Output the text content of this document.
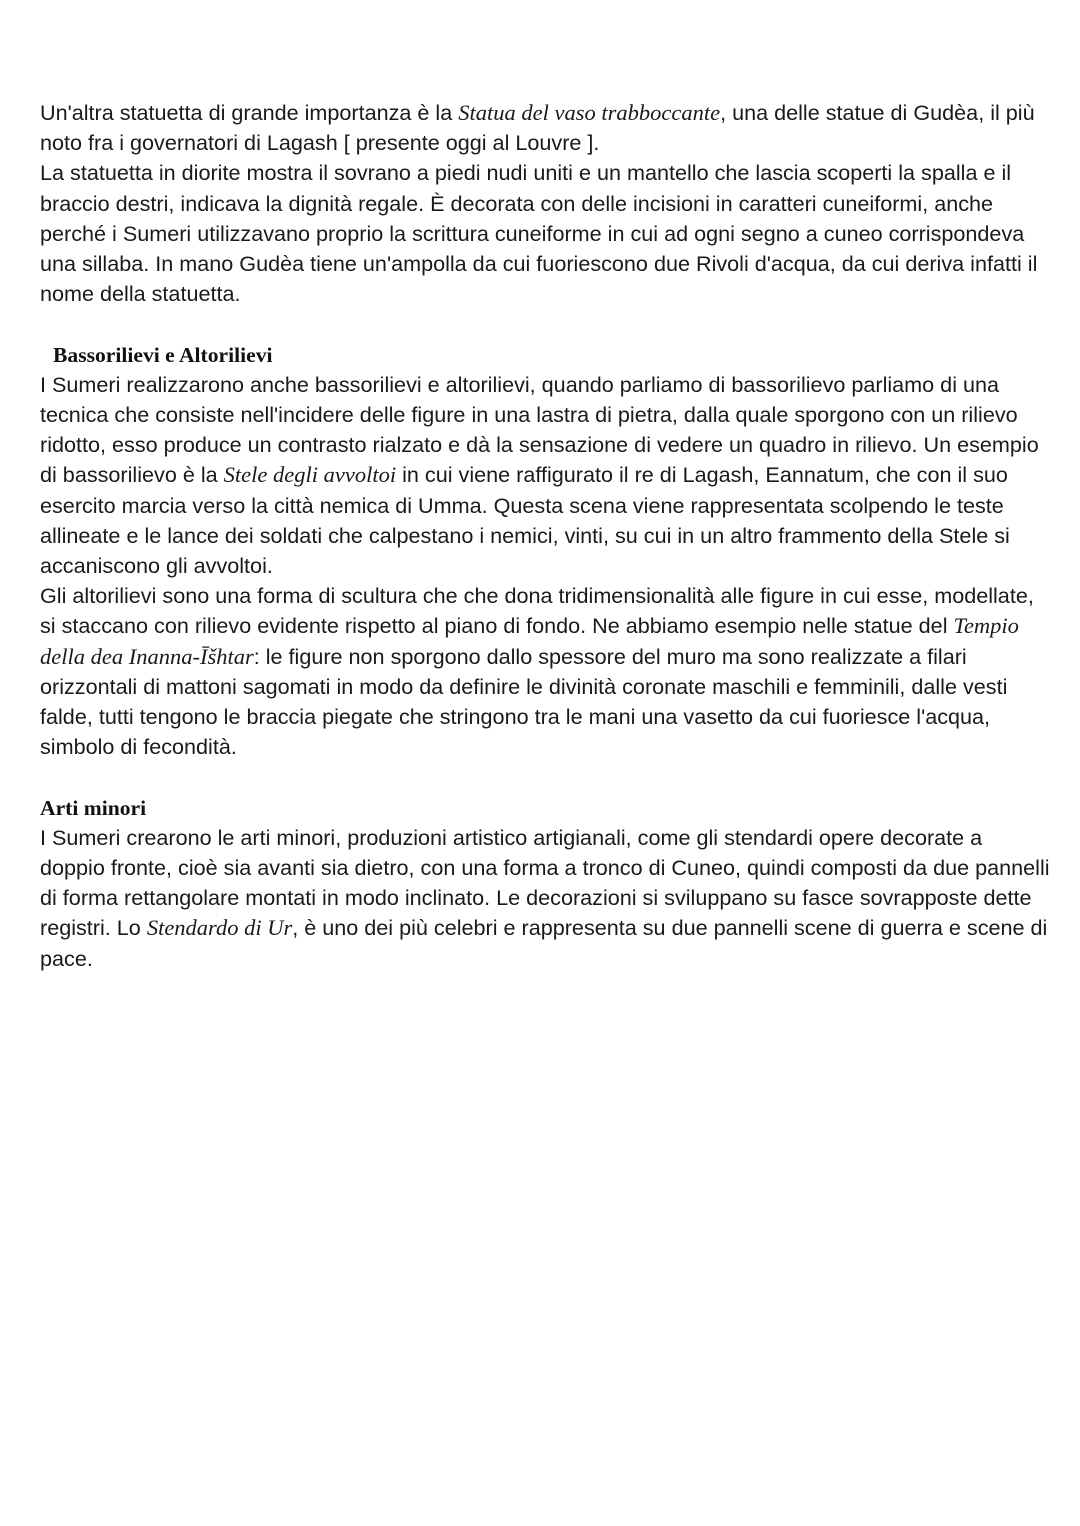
Un'altra statuetta di grande importanza è la Statua del vaso trabboccante, una delle statue di Gudèa, il più noto fra i governatori di Lagash [ presente oggi al Louvre ].

La statuetta in diorite mostra il sovrano a piedi nudi uniti e un mantello che lascia scoperti la spalla e il braccio destri, indicava la dignità regale. È decorata con delle incisioni in caratteri cuneiformi, anche perché i Sumeri utilizzavano proprio la scrittura cuneiforme in cui ad ogni segno a cuneo corrispondeva una sillaba. In mano Gudèa tiene un'ampolla da cui fuoriescono due Rivoli d'acqua, da cui deriva infatti il nome della statuetta.

Bassorilievi e Altorilievi

I Sumeri realizzarono anche bassorilievi e altorilievi, quando parliamo di bassorilievo parliamo di una tecnica che consiste nell'incidere delle figure in una lastra di pietra, dalla quale sporgono con un rilievo ridotto, esso produce un contrasto rialzato e dà la sensazione di vedere un quadro in rilievo. Un esempio di bassorilievo è la Stele degli avvoltoi in cui viene raffigurato il re di Lagash, Eannatum, che con il suo esercito marcia verso la città nemica di Umma. Questa scena viene rappresentata scolpendo le teste allineate e le lance dei soldati che calpestano i nemici, vinti, su cui in un altro frammento della Stele si accaniscono gli avvoltoi.

Gli altorilievi sono una forma di scultura che che dona tridimensionalità alle figure in cui esse, modellate, si staccano con rilievo evidente rispetto al piano di fondo. Ne abbiamo esempio nelle statue del Tempio della dea Inanna-Īšhtar: le figure non sporgono dallo spessore del muro ma sono realizzate a filari orizzontali di mattoni sagomati in modo da definire le divinità coronate maschili e femminili, dalle vesti falde, tutti tengono le braccia piegate che stringono tra le mani una vasetto da cui fuoriesce l'acqua, simbolo di fecondità.

Arti minori

I Sumeri crearono le arti minori, produzioni artistico artigianali, come gli stendardi opere decorate a doppio fronte, cioè sia avanti sia dietro, con una forma a tronco di Cuneo, quindi composti da due pannelli di forma rettangolare montati in modo inclinato. Le decorazioni si sviluppano su fasce sovrapposte dette registri. Lo Stendardo di Ur, è uno dei più celebri e rappresenta su due pannelli scene di guerra e scene di pace.
